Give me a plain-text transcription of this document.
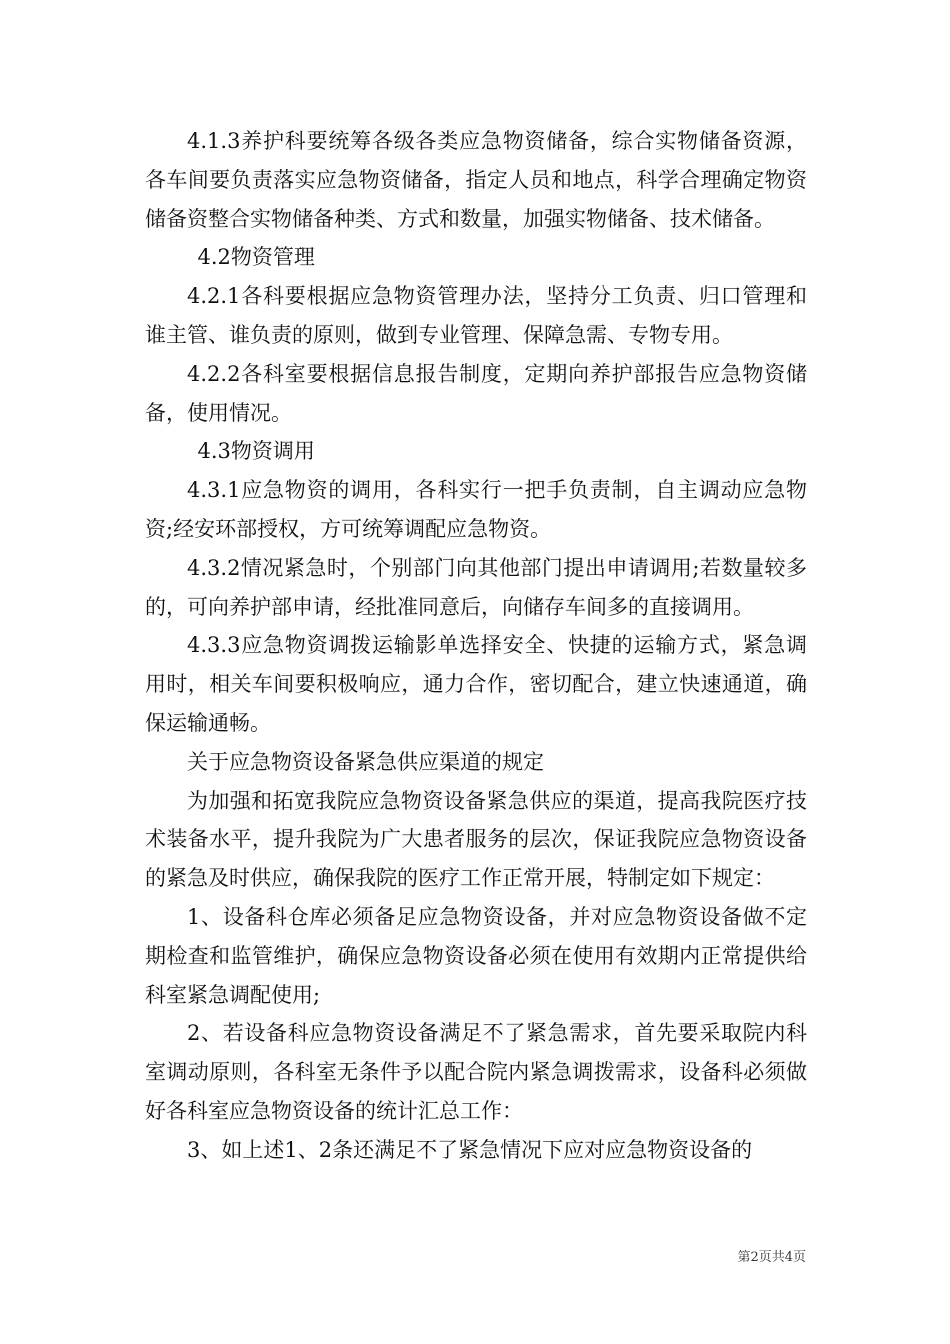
4.1.3养护科要统筹各级各类应急物资储备，综合实物储备资源，各车间要负责落实应急物资储备，指定人员和地点，科学合理确定物资储备资整合实物储备种类、方式和数量，加强实物储备、技术储备。

4.2物资管理

4.2.1各科要根据应急物资管理办法，坚持分工负责、归口管理和谁主管、谁负责的原则，做到专业管理、保障急需、专物专用。

4.2.2各科室要根据信息报告制度，定期向养护部报告应急物资储备，使用情况。

4.3物资调用

4.3.1应急物资的调用，各科实行一把手负责制，自主调动应急物资;经安环部授权，方可统筹调配应急物资。

4.3.2情况紧急时，个别部门向其他部门提出申请调用;若数量较多的，可向养护部申请，经批准同意后，向储存车间多的直接调用。

4.3.3应急物资调拨运输影单选择安全、快捷的运输方式，紧急调用时，相关车间要积极响应，通力合作，密切配合，建立快速通道，确保运输通畅。

关于应急物资设备紧急供应渠道的规定

为加强和拓宽我院应急物资设备紧急供应的渠道，提高我院医疗技术装备水平，提升我院为广大患者服务的层次，保证我院应急物资设备的紧急及时供应，确保我院的医疗工作正常开展，特制定如下规定：

1、设备科仓库必须备足应急物资设备，并对应急物资设备做不定期检查和监管维护，确保应急物资设备必须在使用有效期内正常提供给科室紧急调配使用;

2、若设备科应急物资设备满足不了紧急需求，首先要采取院内科室调动原则，各科室无条件予以配合院内紧急调拨需求，设备科必须做好各科室应急物资设备的统计汇总工作：

3、如上述1、2条还满足不了紧急情况下应对应急物资设备的

第2页共4页
